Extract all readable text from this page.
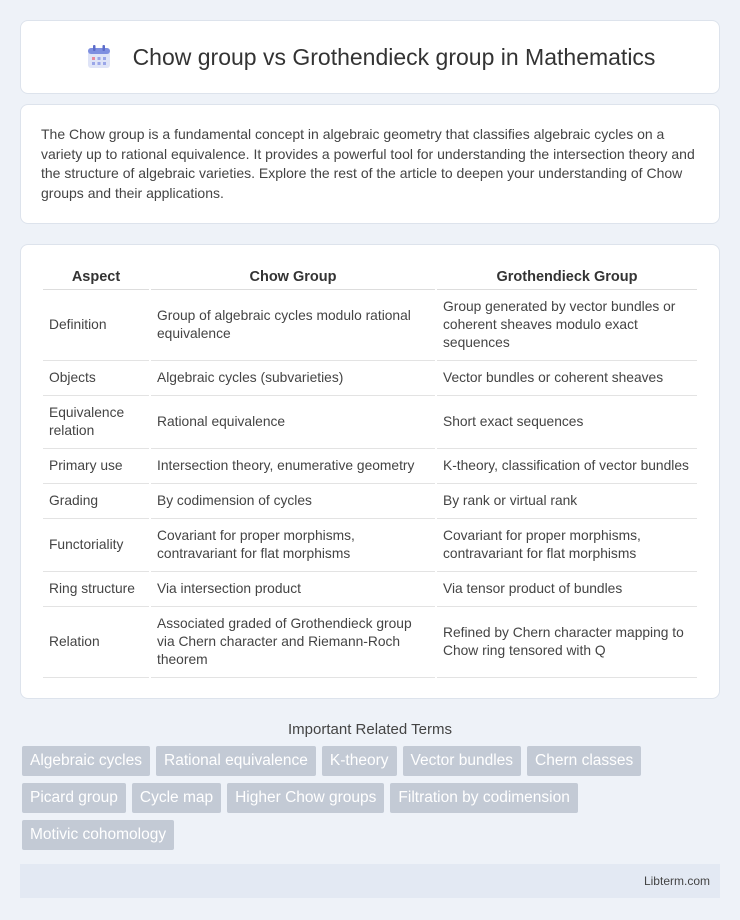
Chow group vs Grothendieck group in Mathematics

The Chow group is a fundamental concept in algebraic geometry that classifies algebraic cycles on a variety up to rational equivalence. It provides a powerful tool for understanding the intersection theory and the structure of algebraic varieties. Explore the rest of the article to deepen your understanding of Chow groups and their applications.

Aspect	Chow Group	Grothendieck Group
Definition	Group of algebraic cycles modulo rational equivalence	Group generated by vector bundles or coherent sheaves modulo exact sequences
Objects	Algebraic cycles (subvarieties)	Vector bundles or coherent sheaves
Equivalence relation	Rational equivalence	Short exact sequences
Primary use	Intersection theory, enumerative geometry	K-theory, classification of vector bundles
Grading	By codimension of cycles	By rank or virtual rank
Functoriality	Covariant for proper morphisms, contravariant for flat morphisms	Covariant for proper morphisms, contravariant for flat morphisms
Ring structure	Via intersection product	Via tensor product of bundles
Relation	Associated graded of Grothendieck group via Chern character and Riemann-Roch theorem	Refined by Chern character mapping to Chow ring tensored with Q
Important Related Terms
Algebraic cycles	Rational equivalence	K-theory	Vector bundles	Chern classes
Picard group	Cycle map	Higher Chow groups	Filtration by codimension
Motivic cohomology
Libterm.com
